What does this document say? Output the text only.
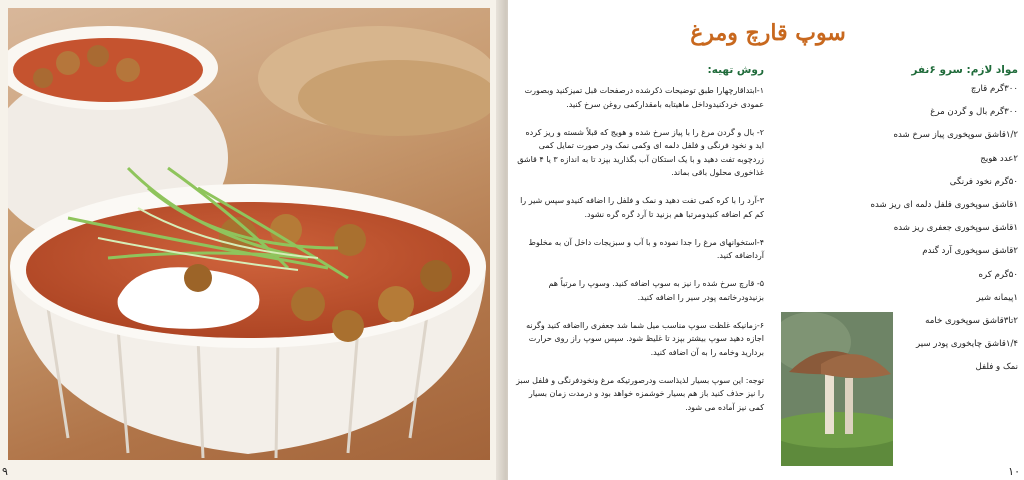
۹
سوپ قارچ ومرغ
مواد لازم: سرو ۶نفر
۳۰۰گرم قارچ
۳۰۰گرم بال و گردن مرغ
۱/۲قاشق سوپخوری پیاز سرخ شده
۲عدد هویج
۵۰گرم نخود فرنگی
۱قاشق سوپخوری فلفل دلمه ای ریز شده
۱قاشق سوپخوری جعفری ریز شده
۲قاشق سوپخوری آرد گندم
۵۰گرم کره
۱پیمانه شیر
۲تا۳قاشق سوپخوری خامه
۱/۴قاشق چایخوری پودر سیر
نمک و فلفل
روش تهیه:

۱-ابتداقارچهارا طبق توضیحات ذکرشده درصفحات قبل تمیزکنید وبصورت عمودی خردکنیدوداخل ماهیتابه بامقدارکمی روغن سرخ کنید.

۲- بال و گردن مرغ را با پیاز سرخ شده و هویج که قبلاً شسته و ریز کرده اید و نخود فرنگی و فلفل دلمه ای وکمی نمک ودر صورت تمایل کمی زردچوبه تفت دهید و با یک استکان آب بگذارید بپزد تا به اندازه ۳ یا ۴ قاشق غذاخوری محلول باقی بماند.

۳-آرد را با کره کمی تفت دهید و نمک و فلفل را اضافه کنیدو سپس شیر را کم کم اضافه کنیدومرتبا هم بزنید تا آرد گره گره نشود.

۴-استخوانهای مرغ را جدا نموده و با آب و سبزیجات داخل آن به مخلوط آرداضافه کنید.

۵- قارچ سرخ شده را نیز به سوپ اضافه کنید. وسوپ را مرتباً هم بزنیدودرخاتمه پودر سیر را اضافه کنید.

۶-زمانیکه غلظت سوپ مناسب میل شما شد جعفری رااضافه کنید وگرنه اجازه دهید سوپ بیشتر بپزد تا غلیظ شود. سپس سوپ راز روی حرارت بردارید وخامه را به آن اضافه کنید.

توجه: این سوپ بسیار لذیذاست ودرصورتیکه مرغ ونخودفرنگی و فلفل سبز را نیز حذف کنید باز هم بسیار خوشمزه خواهد بود و درمدت زمان بسیار کمی نیز آماده می شود.

۱۰
